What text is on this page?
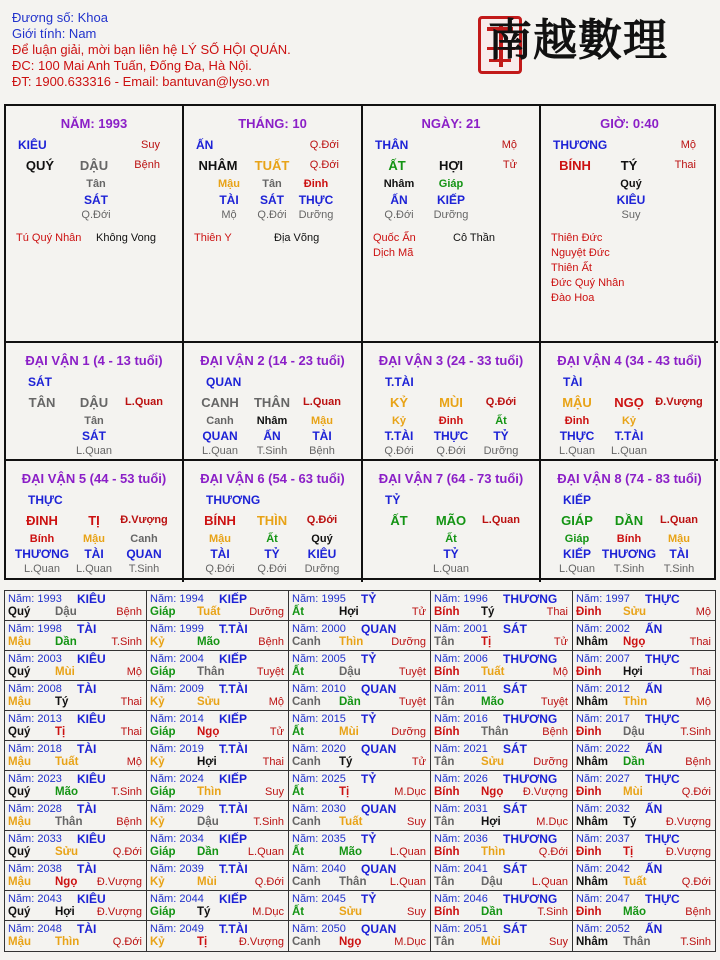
Đương số: Khoa
Giới tính: Nam
Để luận giải, mời bạn liên hệ LÝ SỐ HỘI QUÁN.
ĐC: 100 Mai Anh Tuấn, Đống Đa, Hà Nội.
ĐT: 1900.633316 - Email: bantuvan@lyso.vn
南越數理
NĂM: 1993
KIÊU	Suy
QUÝ DẬU Bệnh
Tân
SÁT
Q.Đới
Tú Quý Nhân Không Vong
THÁNG: 10
ẤN	Q.Đới
NHÂM TUẤT Q.Đới
Mậu
TÀI
Mộ
Tân
SÁT
Q.Đới
Đinh
THỰC
Dưỡng
Thiên Y	Địa Võng
NGÀY: 21
THÂN	Mộ
ẤT	HỢI	Tử
Nhâm
ẤN
Q.Đới
Giáp
KIẾP
Dưỡng
Quốc Ấn	Cô Thần
Dịch Mã
GIỜ: 0:40
THƯƠNG	Mộ
BÍNH TÝ	Thai
Quý
KIÊU
Suy
Thiên Đức
Nguyệt Đức
Thiên Ất
Đức Quý Nhân
Đào Hoa
ĐẠI VẬN 1 (4 - 13 tuổi)
SÁT
TÂN DẬU L.Quan
Tân
SÁT
L.Quan
ĐẠI VẬN 2 (14 - 23 tuổi)
QUAN
CANH THÂN L.Quan
Canh
QUAN
L.Quan
Nhâm
ẤN
T.Sinh
Mậu
TÀI
Bệnh
ĐẠI VẬN 3 (24 - 33 tuổi)
T.TÀI
KỶ MÙI Q.Đới
Kỷ
T.TÀI
Q.Đới
Đinh
THỰC
Q.Đới
Ất
TỶ
Dưỡng
ĐẠI VẬN 4 (34 - 43 tuổi)
TÀI
MẬU NGỌ Đ.Vượng
Đinh
THỰC
L.Quan
Kỷ
T.TÀI
L.Quan
ĐẠI VẬN 5 (44 - 53 tuổi)
THỰC
ĐINH TỊ Đ.Vượng
Bính
THƯƠNG
L.Quan
Mậu
TÀI
L.Quan
Canh
QUAN
T.Sinh
ĐẠI VẬN 6 (54 - 63 tuổi)
THƯƠNG
BÍNH THÌN Q.Đới
Mậu
TÀI
Q.Đới
Ất
TỶ
Q.Đới
Quý
KIÊU
Dưỡng
ĐẠI VẬN 7 (64 - 73 tuổi)
TỶ
ẤT MÃO L.Quan
Ất
TỶ
L.Quan
ĐẠI VẬN 8 (74 - 83 tuổi)
KIẾP
GIÁP DẦN L.Quan
Giáp
KIẾP
L.Quan
Bính
THƯƠNG
T.Sinh
Mậu
TÀI
T.Sinh
Năm: 1993 KIÊU
Quý Dậu	Bệnh
Năm: 1994 KIẾP
Giáp Tuất	Dưỡng
Năm: 1995 TỶ
Ất	Hợi	Tử
Năm: 1996 THƯƠNG
Bính Tý	Thai
Năm: 1997 THỰC
Đinh Sửu	Mộ
Năm: 1998 TÀI
Mậu Dần	T.Sinh
Năm: 1999 T.TÀI
Kỷ	Mão	Bệnh
Năm: 2000 QUAN
Canh Thìn	Dưỡng
Năm: 2001 SÁT
Tân Tị	Tử
Năm: 2002 ẤN
Nhâm Ngọ	Thai
Năm: 2003 KIÊU
Quý Mùi	Mộ
Năm: 2004 KIẾP
Giáp Thân	Tuyệt
Năm: 2005 TỶ
Ất	Dậu	Tuyệt
Năm: 2006 THƯƠNG
Bính Tuất	Mộ
Năm: 2007 THỰC
Đinh Hợi	Thai
Năm: 2008 TÀI
Mậu Tý	Thai
Năm: 2009 T.TÀI
Kỷ	Sửu	Mộ
Năm: 2010 QUAN
Canh Dần	Tuyệt
Năm: 2011 SÁT
Tân Mão	Tuyệt
Năm: 2012 ẤN
Nhâm Thìn	Mộ
Năm: 2013 KIÊU
Quý Tị	Thai
Năm: 2014 KIẾP
Giáp Ngọ	Tử
Năm: 2015 TỶ
Ất	Mùi	Dưỡng
Năm: 2016 THƯƠNG
Bính Thân	Bệnh
Năm: 2017 THỰC
Đinh Dậu	T.Sinh
Năm: 2018 TÀI
Mậu Tuất	Mộ
Năm: 2019 T.TÀI
Kỷ	Hợi	Thai
Năm: 2020 QUAN
Canh Tý	Tử
Năm: 2021 SÁT
Tân Sửu	Dưỡng
Năm: 2022 ẤN
Nhâm Dần	Bệnh
Năm: 2023 KIÊU
Quý Mão	T.Sinh
Năm: 2024 KIẾP
Giáp Thìn	Suy
Năm: 2025 TỶ
Ất	Tị	M.Dục
Năm: 2026 THƯƠNG
Bính Ngọ Đ.Vượng
Năm: 2027 THỰC
Đinh Mùi	Q.Đới
Năm: 2028 TÀI
Mậu Thân	Bệnh
Năm: 2029 T.TÀI
Kỷ	Dậu	T.Sinh
Năm: 2030 QUAN
Canh Tuất	Suy
Năm: 2031 SÁT
Tân Hợi	M.Dục
Năm: 2032 ẤN
Nhâm Tý	Đ.Vượng
Năm: 2033 KIÊU
Quý Sửu	Q.Đới
Năm: 2034 KIẾP
Giáp Dần	L.Quan
Năm: 2035 TỶ
Ất	Mão	L.Quan
Năm: 2036 THƯƠNG
Bính Thìn	Q.Đới
Năm: 2037 THỰC
Đinh Tị	Đ.Vượng
Năm: 2038 TÀI
Mậu Ngọ Đ.Vượng
Năm: 2039 T.TÀI
Kỷ	Mùi	Q.Đới
Năm: 2040 QUAN
Canh Thân L.Quan
Năm: 2041 SÁT
Tân Dậu	L.Quan
Năm: 2042 ẤN
Nhâm Tuất	Q.Đới
Năm: 2043 KIÊU
Quý Hợi Đ.Vượng
Năm: 2044 KIẾP
Giáp Tý	M.Dục
Năm: 2045 TỶ
Ất	Sửu	Suy
Năm: 2046 THƯƠNG
Bính Dần	T.Sinh
Năm: 2047 THỰC
Đinh Mão	Bệnh
Năm: 2048 TÀI
Mậu Thìn	Q.Đới
Năm: 2049 T.TÀI
Kỷ	Tị	Đ.Vượng
Năm: 2050 QUAN
Canh Ngọ	M.Dục
Năm: 2051 SÁT
Tân Mùi	Suy
Năm: 2052 ẤN
Nhâm Thân	T.Sinh
